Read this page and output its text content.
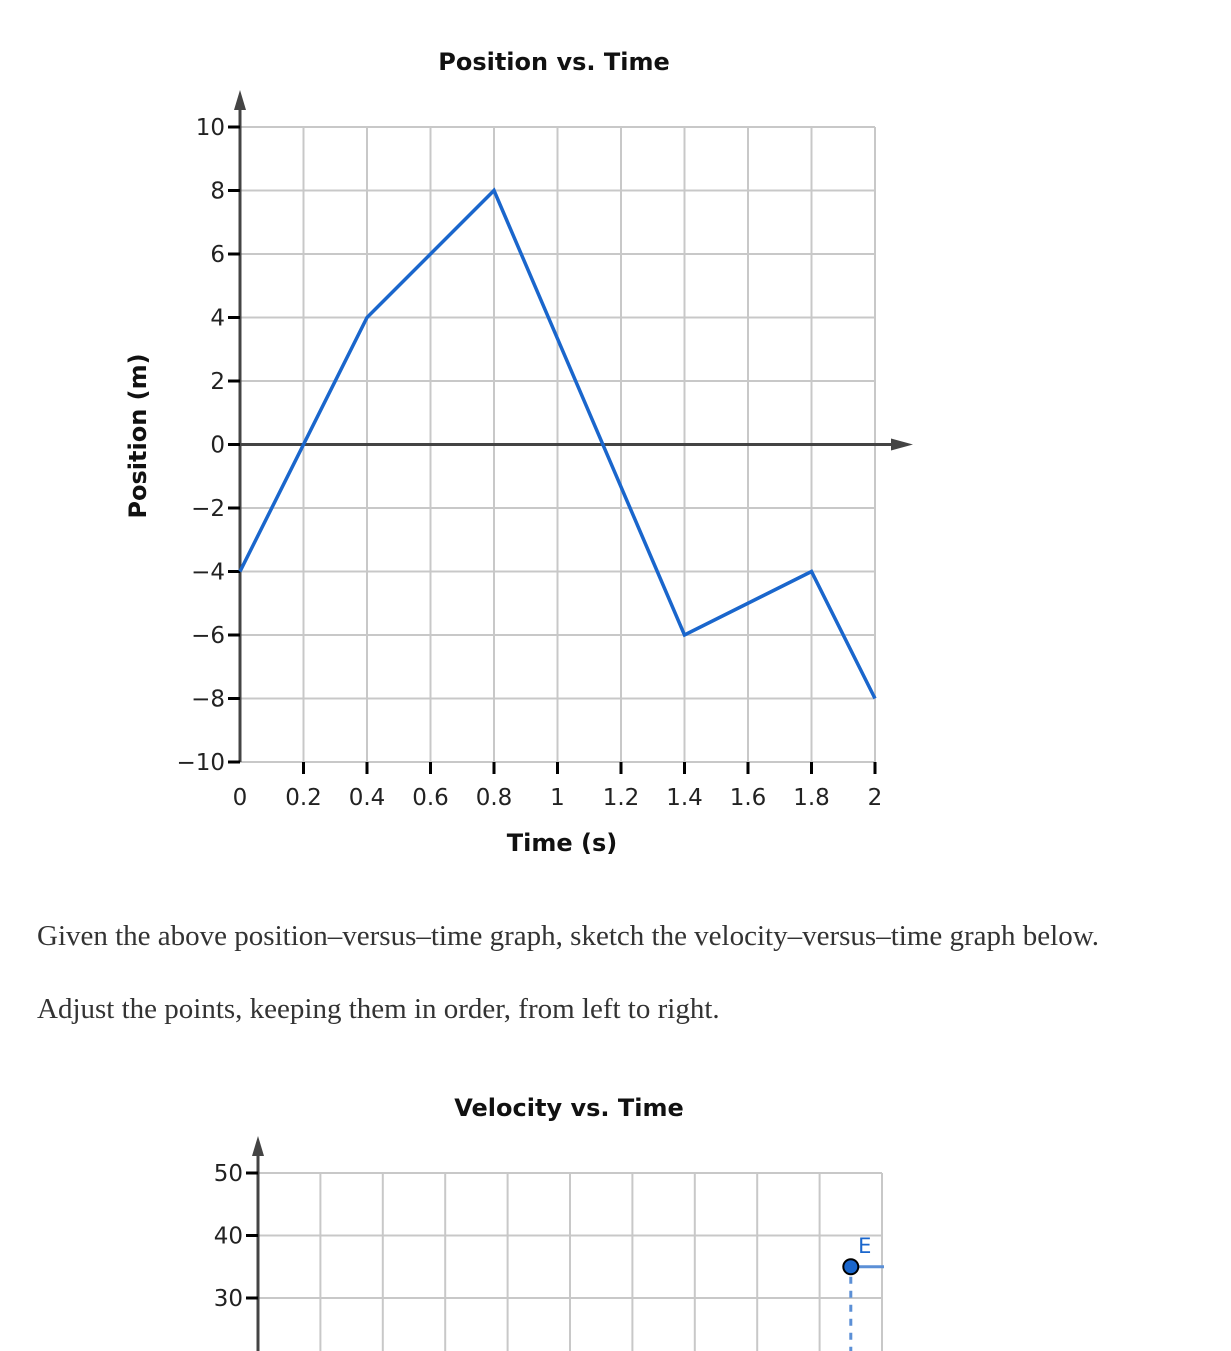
Position vs. Time
10
8
6
4
2
0
−2
−4
−6
−8
−10
0 0.2 0.4 0.6 0.8 1 1.2 1.4 1.6 1.8 2
Time (s)
Position (m)

Given the above position–versus–time graph, sketch the velocity–versus–time graph below.

Adjust the points, keeping them in order, from left to right.

Velocity vs. Time
50
40
30
E
